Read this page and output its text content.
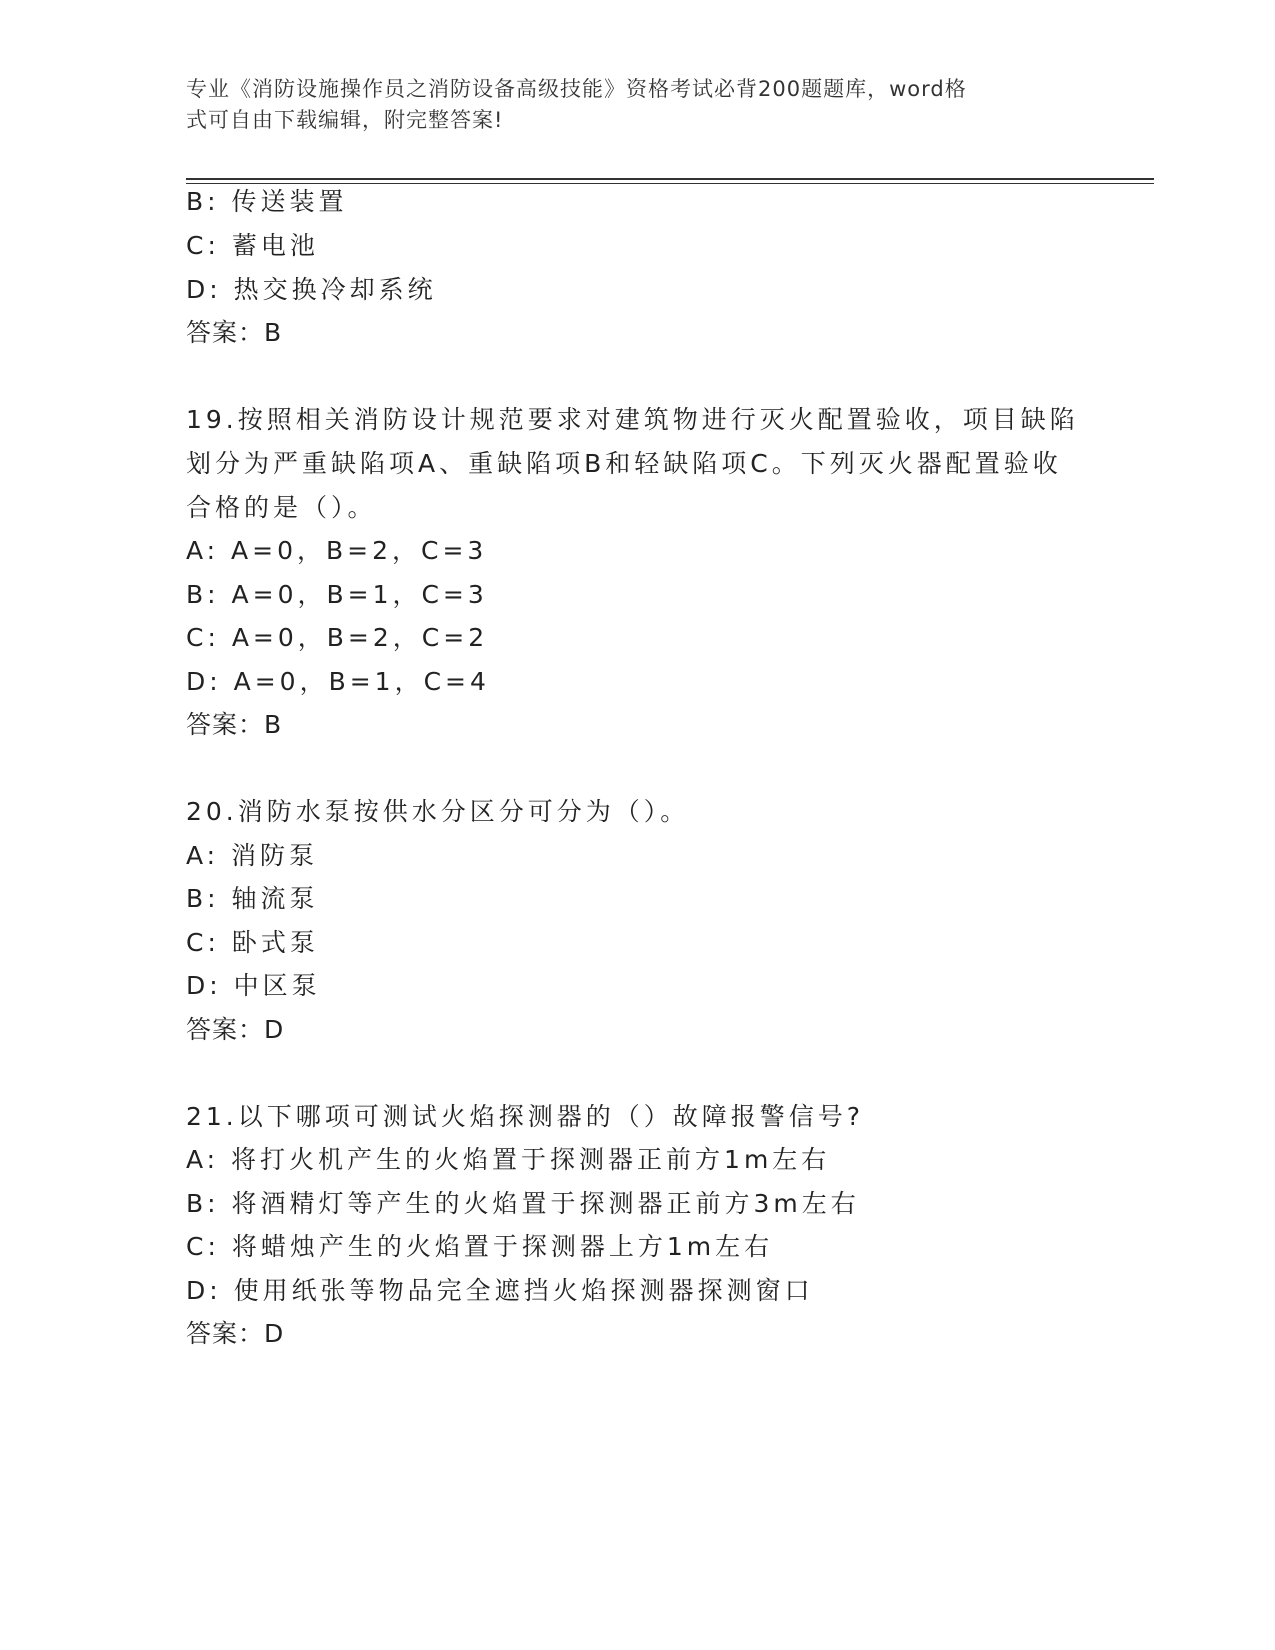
专业《消防设施操作员之消防设备高级技能》资格考试必背200题题库，word格
式可自由下载编辑，附完整答案!
B: 传送装置
C: 蓄电池
D: 热交换冷却系统
答案：B
19.按照相关消防设计规范要求对建筑物进行灭火配置验收，项目缺陷
划分为严重缺陷项A、重缺陷项B和轻缺陷项C。下列灭火器配置验收
合格的是（）。
A: A=0，B=2，C=3
B: A=0，B=1，C=3
C: A=0，B=2，C=2
D: A=0，B=1，C=4
答案：B
20.消防水泵按供水分区分可分为（）。
A: 消防泵
B: 轴流泵
C: 卧式泵
D: 中区泵
答案：D
21.以下哪项可测试火焰探测器的（）故障报警信号?
A: 将打火机产生的火焰置于探测器正前方1m左右
B: 将酒精灯等产生的火焰置于探测器正前方3m左右
C: 将蜡烛产生的火焰置于探测器上方1m左右
D: 使用纸张等物品完全遮挡火焰探测器探测窗口
答案：D
